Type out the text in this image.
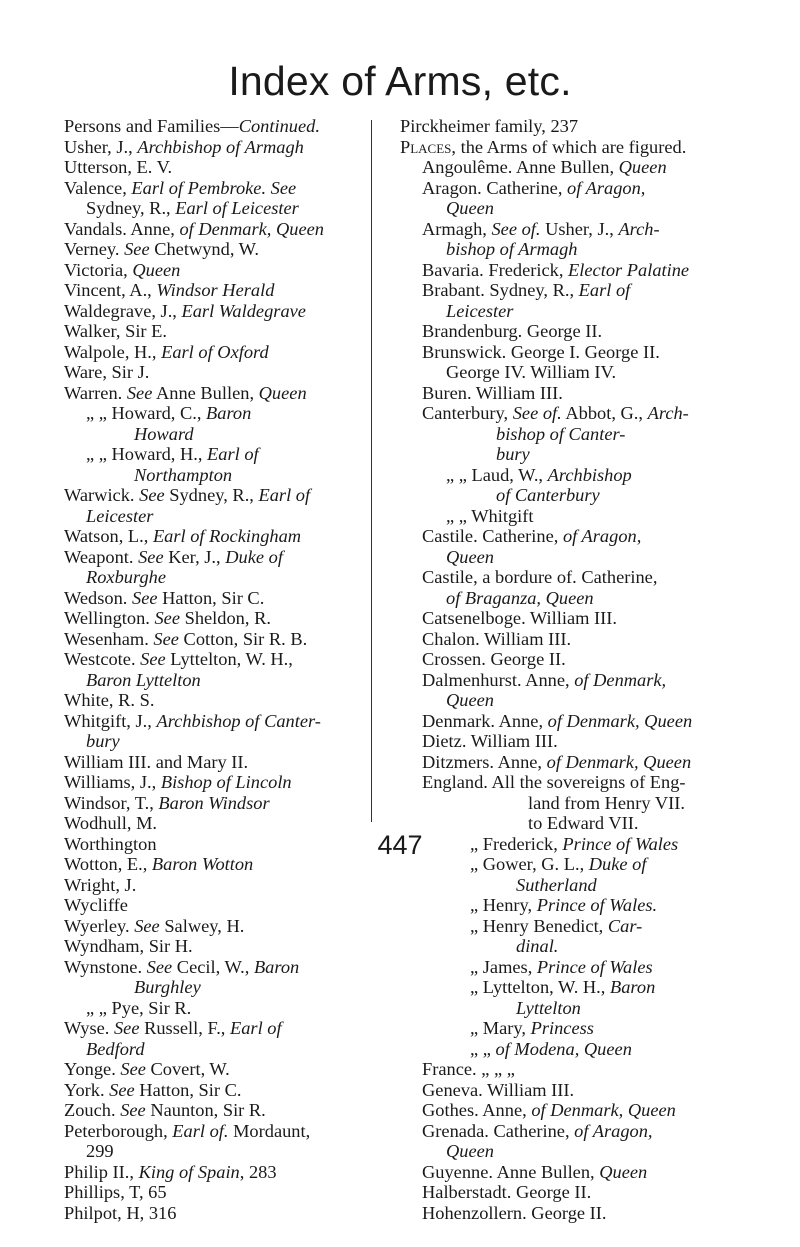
Index of Arms, etc.
Persons and Families—Continued.
Usher, J., Archbishop of Armagh
Utterson, E. V.
Valence, Earl of Pembroke. See
Sydney, R., Earl of Leicester
Vandals. Anne, of Denmark, Queen
Verney. See Chetwynd, W.
Victoria, Queen
Vincent, A., Windsor Herald
Waldegrave, J., Earl Waldegrave
Walker, Sir E.
Walpole, H., Earl of Oxford
Ware, Sir J.
Warren. See Anne Bullen, Queen
„ „ Howard, C., Baron
Howard
„ „ Howard, H., Earl of
Northampton
Warwick. See Sydney, R., Earl of
Leicester
Watson, L., Earl of Rockingham
Weapont. See Ker, J., Duke of
Roxburghe
Wedson. See Hatton, Sir C.
Wellington. See Sheldon, R.
Wesenham. See Cotton, Sir R. B.
Westcote. See Lyttelton, W. H.,
Baron Lyttelton
White, R. S.
Whitgift, J., Archbishop of Canter-
bury
William III. and Mary II.
Williams, J., Bishop of Lincoln
Windsor, T., Baron Windsor
Wodhull, M.
Worthington
Wotton, E., Baron Wotton
Wright, J.
Wycliffe
Wyerley. See Salwey, H.
Wyndham, Sir H.
Wynstone. See Cecil, W., Baron
Burghley
„ „ Pye, Sir R.
Wyse. See Russell, F., Earl of
Bedford
Yonge. See Covert, W.
York. See Hatton, Sir C.
Zouch. See Naunton, Sir R.
Peterborough, Earl of. Mordaunt,
299
Philip II., King of Spain, 283
Phillips, T, 65
Philpot, H, 316
Pirckheimer family, 237
Places, the Arms of which are figured.
Angoulême. Anne Bullen, Queen
Aragon. Catherine, of Aragon,
Queen
Armagh, See of. Usher, J., Arch-
bishop of Armagh
Bavaria. Frederick, Elector Palatine
Brabant. Sydney, R., Earl of
Leicester
Brandenburg. George II.
Brunswick. George I. George II.
George IV. William IV.
Buren. William III.
Canterbury, See of. Abbot, G., Arch-
bishop of Canter-
bury
„ „ Laud, W., Archbishop
of Canterbury
„ „ Whitgift
Castile. Catherine, of Aragon,
Queen
Castile, a bordure of. Catherine,
of Braganza, Queen
Catsenelboge. William III.
Chalon. William III.
Crossen. George II.
Dalmenhurst. Anne, of Denmark,
Queen
Denmark. Anne, of Denmark, Queen
Dietz. William III.
Ditzmers. Anne, of Denmark, Queen
England. All the sovereigns of Eng-
land from Henry VII.
to Edward VII.
„ Frederick, Prince of Wales
„ Gower, G. L., Duke of
Sutherland
„ Henry, Prince of Wales.
„ Henry Benedict, Car-
dinal.
„ James, Prince of Wales
„ Lyttelton, W. H., Baron
Lyttelton
„ Mary, Princess
„ „ of Modena, Queen
France. „ „ „
Geneva. William III.
Gothes. Anne, of Denmark, Queen
Grenada. Catherine, of Aragon,
Queen
Guyenne. Anne Bullen, Queen
Halberstadt. George II.
Hohenzollern. George II.
447
